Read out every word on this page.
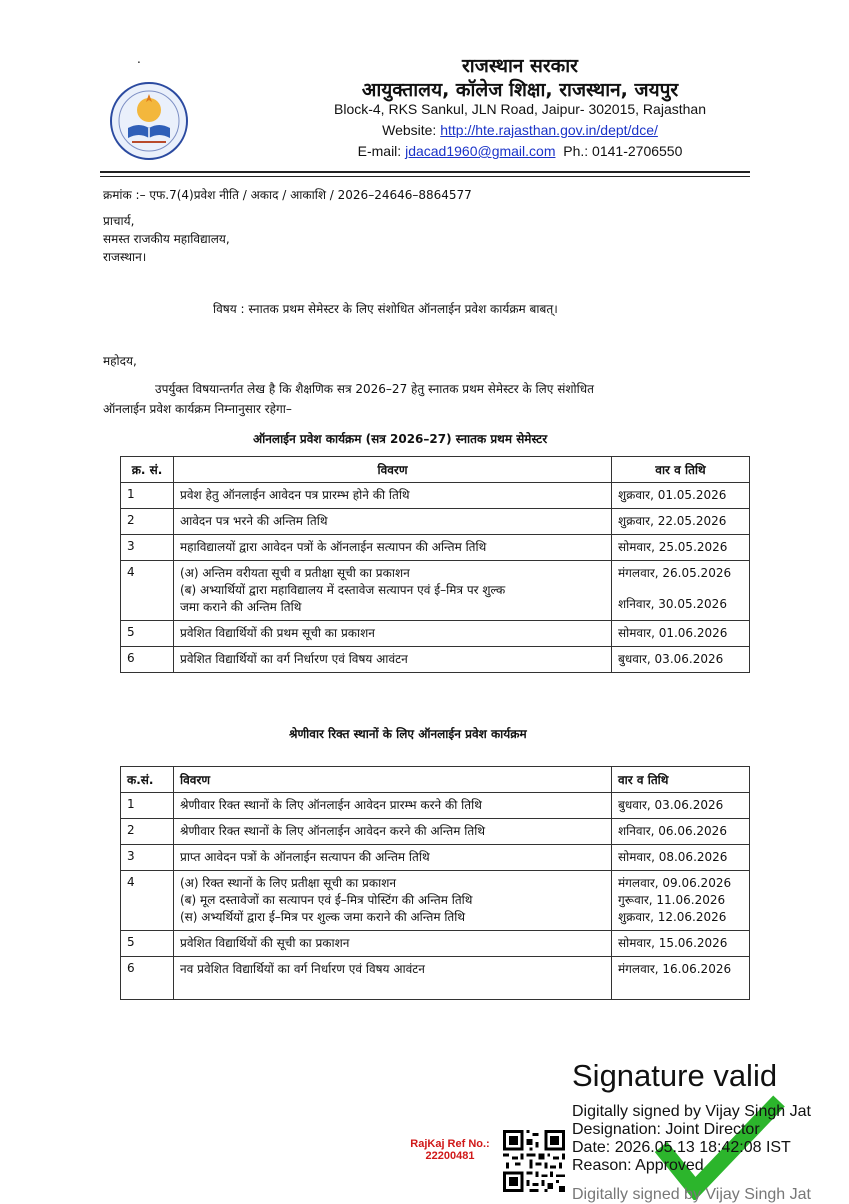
.	राजस्थान सरकार
आयुक्तालय, कॉलेज शिक्षा, राजस्थान, जयपुर
Block-4, RKS Sankul, JLN Road, Jaipur- 302015, Rajasthan
Website: http://hte.rajasthan.gov.in/dept/dce/
E-mail: jdacad1960@gmail.com Ph.: 0141-2706550
क्रमांक :– एफ.7(4)प्रवेश नीति / अकाद / आकाशि / 2026–24646–8864577
प्राचार्य,
समस्त राजकीय महाविद्यालय,
राजस्थान।
विषय : स्नातक प्रथम सेमेस्टर के लिए संशोधित ऑनलाईन प्रवेश कार्यक्रम बाबत्।
महोदय,
उपर्युक्त विषयान्तर्गत लेख है कि शैक्षणिक सत्र 2026–27 हेतु स्नातक प्रथम सेमेस्टर के लिए संशोधित
ऑनलाईन प्रवेश कार्यक्रम निम्नानुसार रहेगा–
ऑनलाईन प्रवेश कार्यक्रम (सत्र 2026–27) स्नातक प्रथम सेमेस्टर
क्र. सं.	विवरण	वार व तिथि
1	प्रवेश हेतु ऑनलाईन आवेदन पत्र प्रारम्भ होने की तिथि	शुक्रवार, 01.05.2026

2	आवेदन पत्र भरने की अन्तिम तिथि	शुक्रवार, 22.05.2026

3	महाविद्यालयों द्वारा आवेदन पत्रों के ऑनलाईन सत्यापन की अन्तिम तिथि	सोमवार, 25.05.2026

4	(अ) अन्तिम वरीयता सूची व प्रतीक्षा सूची का प्रकाशन
(ब) अभ्यार्थियों द्वारा महाविद्यालय में दस्तावेज सत्यापन एवं ई–मित्र पर शुल्क
जमा कराने की अन्तिम तिथि	मंगलवार, 26.05.2026
शनिवार, 30.05.2026

5	प्रवेशित विद्यार्थियों की प्रथम सूची का प्रकाशन	सोमवार, 01.06.2026

6	प्रवेशित विद्यार्थियों का वर्ग निर्धारण एवं विषय आवंटन	बुधवार, 03.06.2026
श्रेणीवार रिक्त स्थानों के लिए ऑनलाईन प्रवेश कार्यक्रम
क.सं.	विवरण	वार व तिथि
1	श्रेणीवार रिक्त स्थानों के लिए ऑनलाईन आवेदन प्रारम्भ करने की तिथि	बुधवार, 03.06.2026

2	श्रेणीवार रिक्त स्थानों के लिए ऑनलाईन आवेदन करने की अन्तिम तिथि	शनिवार, 06.06.2026

3	प्राप्त आवेदन पत्रों के ऑनलाईन सत्यापन की अन्तिम तिथि	सोमवार, 08.06.2026

4	(अ) रिक्त स्थानों के लिए प्रतीक्षा सूची का प्रकाशन
(ब) मूल दस्तावेजों का सत्यापन एवं ई–मित्र पोस्टिंग की अन्तिम तिथि
(स) अभ्यर्थियों द्वारा ई–मित्र पर शुल्क जमा कराने की अन्तिम तिथि	मंगलवार, 09.06.2026
गुरूवार, 11.06.2026
शुक्रवार, 12.06.2026

5	प्रवेशित विद्यार्थियों की सूची का प्रकाशन	सोमवार, 15.06.2026

6	नव प्रवेशित विद्यार्थियों का वर्ग निर्धारण एवं विषय आवंटन	मंगलवार, 16.06.2026
Signature valid
Digitally signed by Vijay Singh Jat
Designation: Joint Director
Date: 2026.05.13 18:42:08 IST
Reason: Approved
Digitally signed by Vijay Singh Jat
RajKaj Ref No.:
22200481
